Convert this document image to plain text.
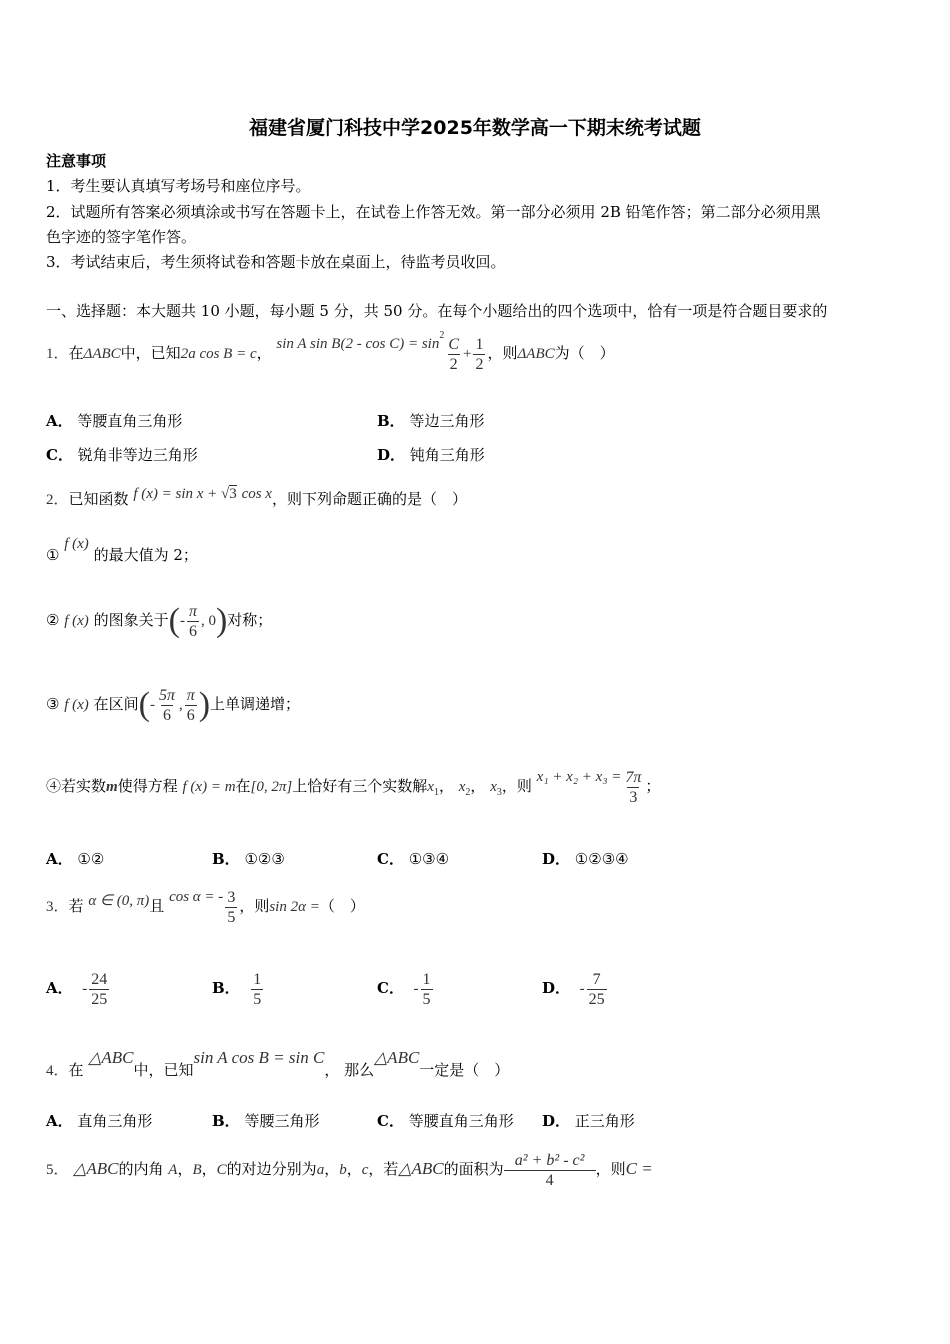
福建省厦门科技中学2025年数学高一下期末统考试题
注意事项
1．考生要认真填写考场号和座位序号。
2．试题所有答案必须填涂或书写在答题卡上，在试卷上作答无效。第一部分必须用 2B 铅笔作答；第二部分必须用黑
色字迹的签字笔作答。
3．考试结束后，考生须将试卷和答题卡放在桌面上，待监考员收回。
一、选择题：本大题共 10 小题，每小题 5 分，共 50 分。在每个小题给出的四个选项中，恰有一项是符合题目要求的
1．在ΔABC中，已知2a cos B = c， sin A $\sin B(2 - \cos C) = \sin^2 \frac{C}{2} + \frac{1}{2}$ ，则ΔABC为（　）
A． 等腰直角三角形	B． 等边三角形
C． 锐角非等边三角形	D． 钝角三角形
2．已知函数 f (x) = sin x + √3 cos x，则下列命题正确的是（　）
① f (x) 的最大值为 2；
② f (x) 的图象关于(- $\frac{\pi}{6}$ , 0)对称；
③ f (x) 在区间(- $\frac{5\pi}{6}$ , $\frac{\pi}{6}$ )上单调递增；
④若实数m使得方程 f (x) = m在[0, 2π]上恰好有三个实数解$x_1$， $x_2$， $x_3$，则 $x_1 + x_2 + x_3 = \frac{7\pi}{3}$ ；
A． ①②	B． ①②③	C． ①③④	D． ①②③④
3．若 α ∈ (0, π)且 cos α = - $\frac{3}{5}$ ，则sin 2α =（　）
A． - $\frac{24}{25}$	B． $\frac{1}{5}$	C． - $\frac{1}{5}$	D． - $\frac{7}{25}$
4．在 △ABC中，已知sin A cos B = sin C， 那么△ABC一定是（　）
A． 直角三角形	B． 等腰三角形	C． 等腰直角三角形 D． 正三角形
5． △ABC的内角 A，B，C的对边分别为a，b，c，若△ABC的面积为 $\frac{\text{a² + b² - c²}}{4}$ ，则C =
